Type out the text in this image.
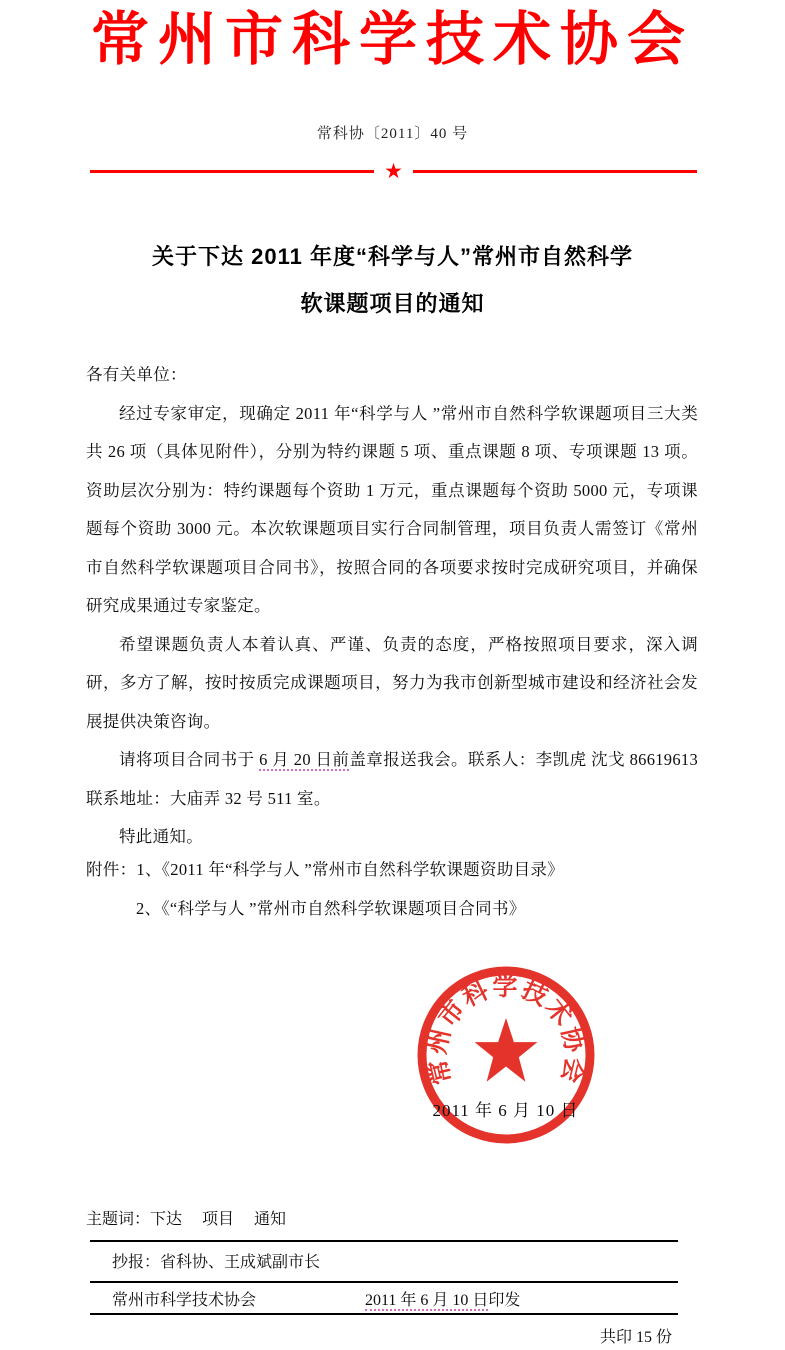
常州市科学技术协会
常科协〔2011〕40 号
★
关于下达 2011 年度“科学与人”常州市自然科学
软课题项目的通知

各有关单位：

经过专家审定，现确定 2011 年“科学与人 ”常州市自然科学软课题项目三大类共 26 项（具体见附件），分别为特约课题 5 项、重点课题 8 项、专项课题 13 项。资助层次分别为：特约课题每个资助 1 万元，重点课题每个资助 5000 元，专项课题每个资助 3000 元。本次软课题项目实行合同制管理，项目负责人需签订《常州市自然科学软课题项目合同书》，按照合同的各项要求按时完成研究项目，并确保研究成果通过专家鉴定。

希望课题负责人本着认真、严谨、负责的态度，严格按照项目要求，深入调研，多方了解，按时按质完成课题项目，努力为我市创新型城市建设和经济社会发展提供决策咨询。

请将项目合同书于 6 月 20 日前盖章报送我会。联系人：李凯虎 沈戈 86619613　联系地址：大庙弄 32 号 511 室。

特此通知。

附件：1、《2011 年“科学与人 ”常州市自然科学软课题资助目录》
2、《“科学与人 ”常州市自然科学软课题项目合同书》
常州市科学技术协会
2011 年 6 月 10 日
主题词：下达　 项目　 通知
抄报：省科协、王成斌副市长
常州市科学技术协会	2011 年 6 月 10 日印发
共印 15 份
